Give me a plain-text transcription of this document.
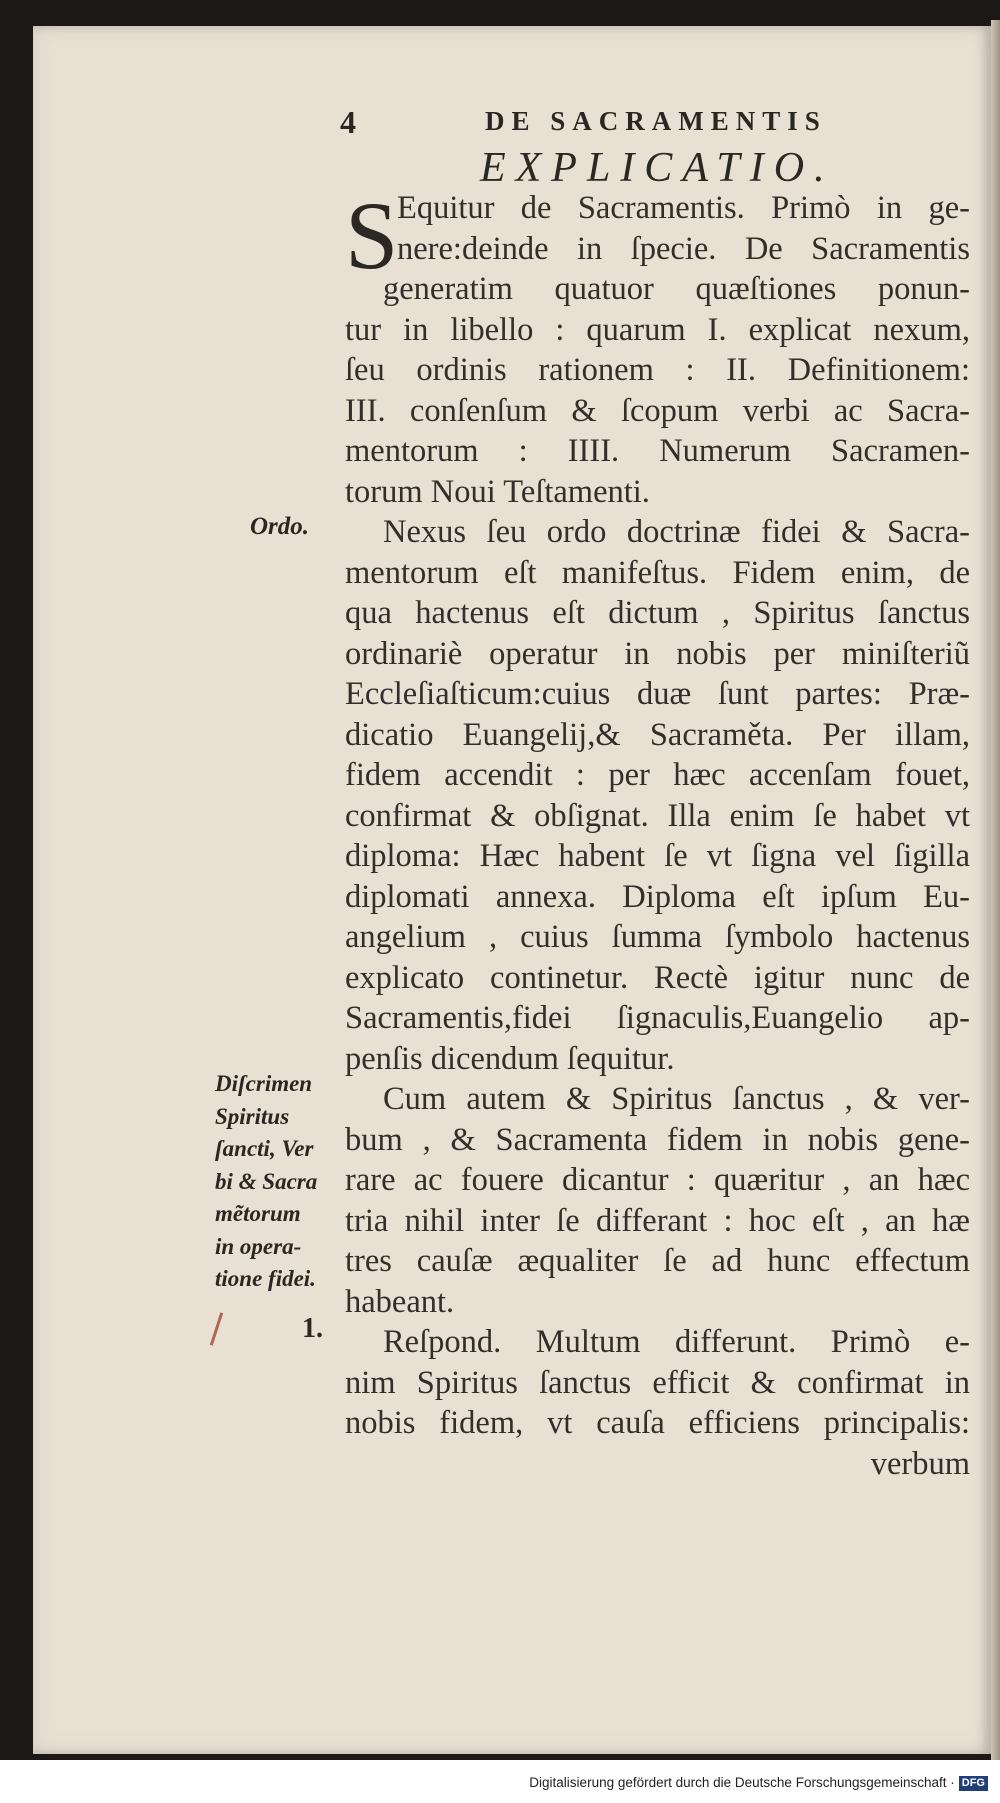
4	DE SACRAMENTIS
EXPLICATIO.
S
Equitur de Sacramentis. Primò in ge-
nere:deinde in ſpecie. De Sacramentis
generatim quatuor quæſtiones ponun-
tur in libello : quarum I. explicat nexum,
ſeu ordinis rationem : II. Definitionem:
III. conſenſum & ſcopum verbi ac Sacra-
mentorum : IIII. Numerum Sacramen-
torum Noui Teſtamenti.
Nexus ſeu ordo doctrinæ fidei & Sacra-
mentorum eſt manifeſtus. Fidem enim, de
qua hactenus eſt dictum , Spiritus ſanctus
ordinariè operatur in nobis per miniſteriũ
Eccleſiaſticum:cuius duæ ſunt partes: Præ-
dicatio Euangelij,& Sacraměta. Per illam,
fidem accendit : per hæc accenſam fouet,
confirmat & obſignat. Illa enim ſe habet vt
diploma: Hæc habent ſe vt ſigna vel ſigilla
diplomati annexa. Diploma eſt ipſum Eu-
angelium , cuius ſumma ſymbolo hactenus
explicato continetur. Rectè igitur nunc de
Sacramentis,fidei ſignaculis,Euangelio ap-
penſis dicendum ſequitur.
Cum autem & Spiritus ſanctus , & ver-
bum , & Sacramenta fidem in nobis gene-
rare ac fouere dicantur : quæritur , an hæc
tria nihil inter ſe differant : hoc eſt , an hæ
tres cauſæ æqualiter ſe ad hunc effectum
habeant.
Reſpond. Multum differunt. Primò e-
nim Spiritus ſanctus efficit & confirmat in
nobis fidem, vt cauſa efficiens principalis:
verbum
Ordo.
Diſcrimen
Spiritus
ſancti, Ver
bi & Sacra
mẽtorum
in opera-
tione fidei.
1.
Digitalisierung gefördert durch die Deutsche Forschungsgemeinschaft · DFG
